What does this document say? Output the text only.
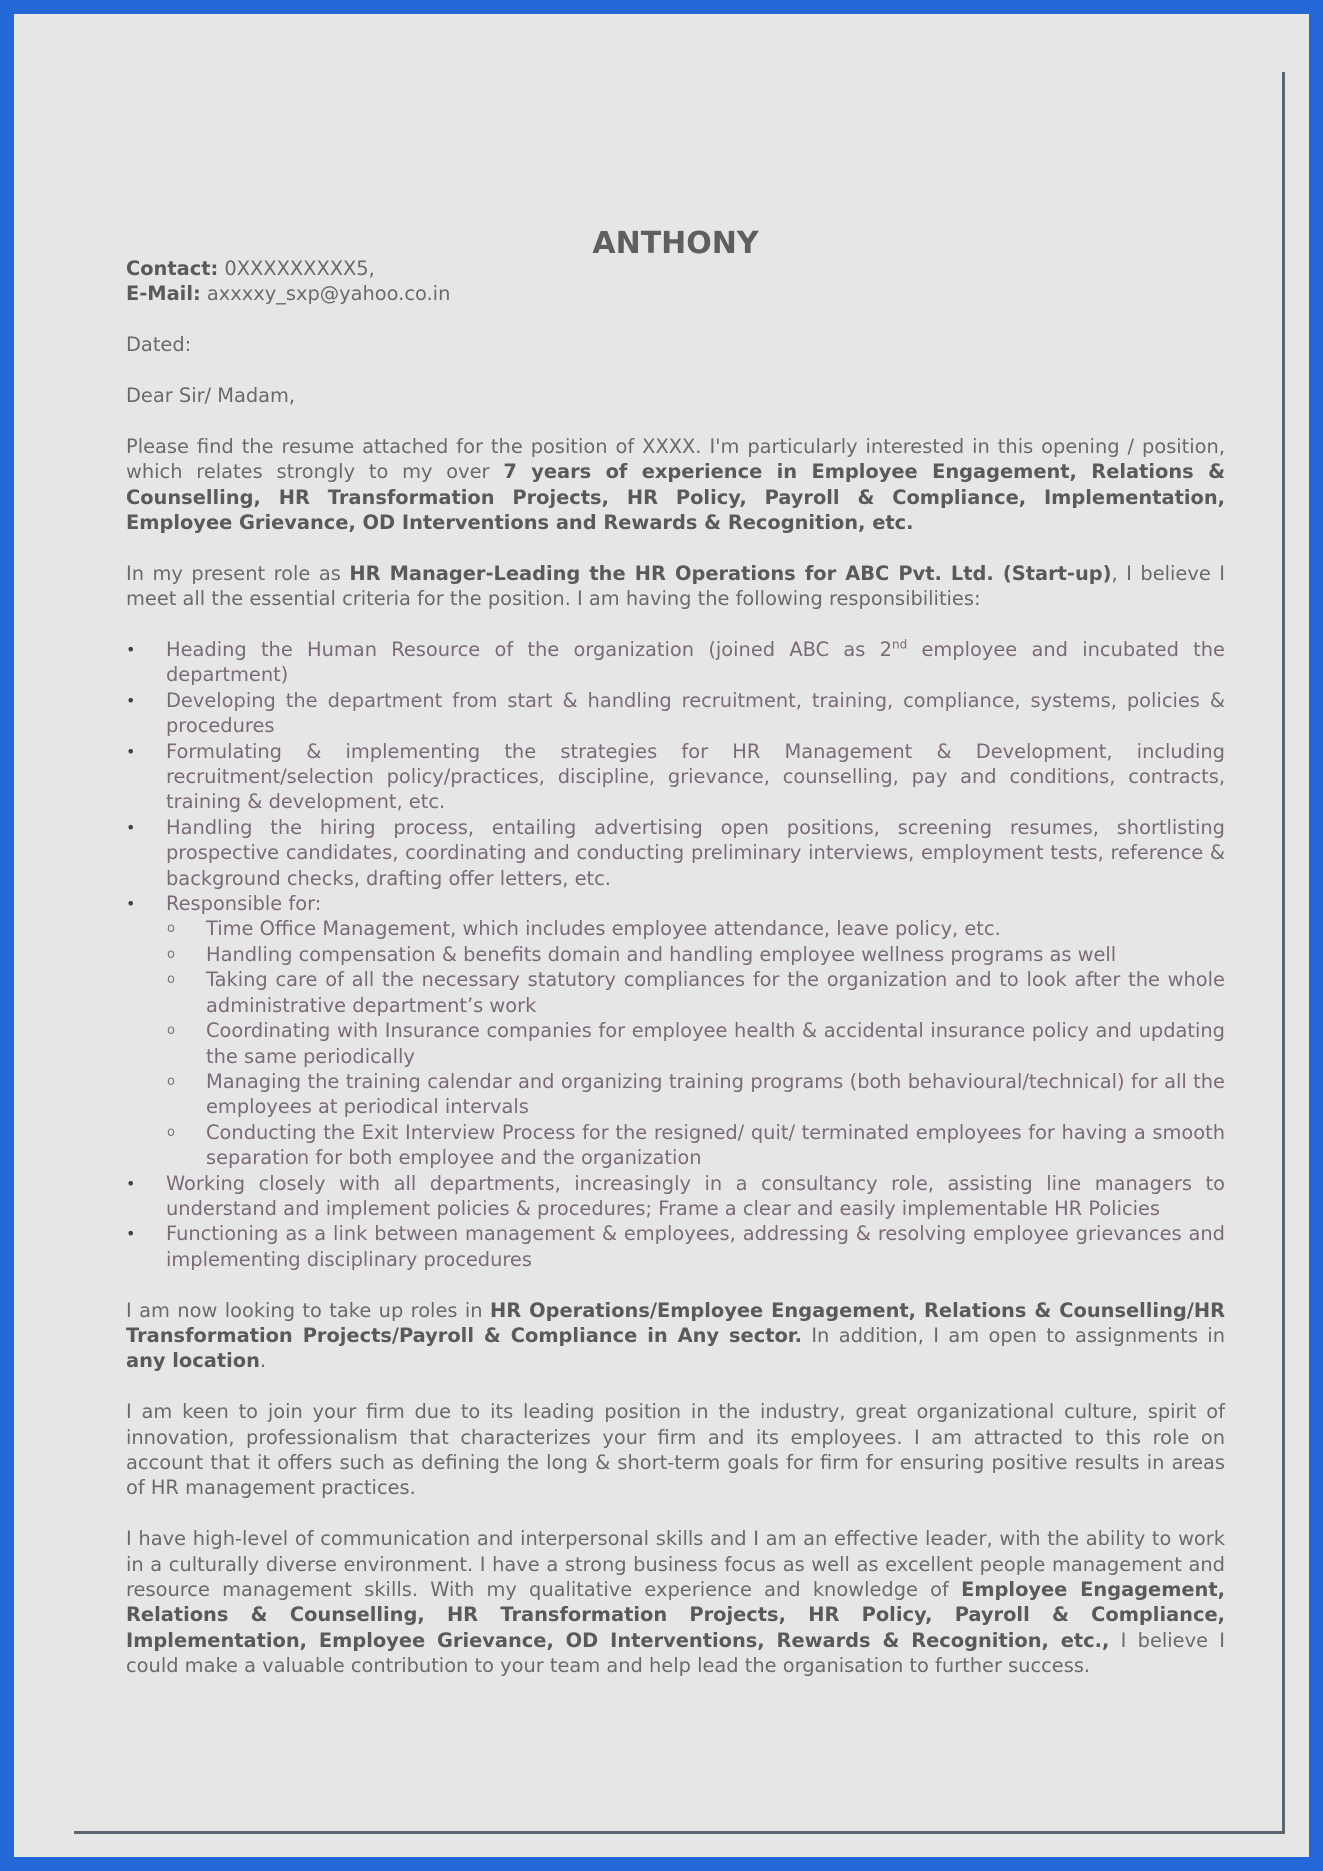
ANTHONY
Contact: 0XXXXXXXXX5,
E-Mail: axxxxy_sxp@yahoo.co.in
Dated:
Dear Sir/ Madam,

Please find the resume attached for the position of XXXX. I'm particularly interested in this opening / position, which relates strongly to my over 7 years of experience in Employee Engagement, Relations & Counselling, HR Transformation Projects, HR Policy, Payroll & Compliance, Implementation, Employee Grievance, OD Interventions and Rewards & Recognition, etc.

In my present role as HR Manager-Leading the HR Operations for ABC Pvt. Ltd. (Start-up), I believe I meet all the essential criteria for the position. I am having the following responsibilities:

• Heading the Human Resource of the organization (joined ABC as 2nd employee and incubated the department)
• Developing the department from start & handling recruitment, training, compliance, systems, policies & procedures
• Formulating & implementing the strategies for HR Management & Development, including recruitment/selection policy/practices, discipline, grievance, counselling, pay and conditions, contracts, training & development, etc.
• Handling the hiring process, entailing advertising open positions, screening resumes, shortlisting prospective candidates, coordinating and conducting preliminary interviews, employment tests, reference & background checks, drafting offer letters, etc.
• Responsible for:
o Time Office Management, which includes employee attendance, leave policy, etc.
o Handling compensation & benefits domain and handling employee wellness programs as well
o Taking care of all the necessary statutory compliances for the organization and to look after the whole administrative department’s work
o Coordinating with Insurance companies for employee health & accidental insurance policy and updating the same periodically
o Managing the training calendar and organizing training programs (both behavioural/technical) for all the employees at periodical intervals
o Conducting the Exit Interview Process for the resigned/ quit/ terminated employees for having a smooth separation for both employee and the organization
• Working closely with all departments, increasingly in a consultancy role, assisting line managers to understand and implement policies & procedures; Frame a clear and easily implementable HR Policies
• Functioning as a link between management & employees, addressing & resolving employee grievances and implementing disciplinary procedures

I am now looking to take up roles in HR Operations/Employee Engagement, Relations & Counselling/HR Transformation Projects/Payroll & Compliance in Any sector. In addition, I am open to assignments in any location.

I am keen to join your firm due to its leading position in the industry, great organizational culture, spirit of innovation, professionalism that characterizes your firm and its employees. I am attracted to this role on account that it offers such as defining the long & short-term goals for firm for ensuring positive results in areas of HR management practices.

I have high-level of communication and interpersonal skills and I am an effective leader, with the ability to work in a culturally diverse environment. I have a strong business focus as well as excellent people management and resource management skills. With my qualitative experience and knowledge of Employee Engagement, Relations & Counselling, HR Transformation Projects, HR Policy, Payroll & Compliance, Implementation, Employee Grievance, OD Interventions, Rewards & Recognition, etc., I believe I could make a valuable contribution to your team and help lead the organisation to further success.
